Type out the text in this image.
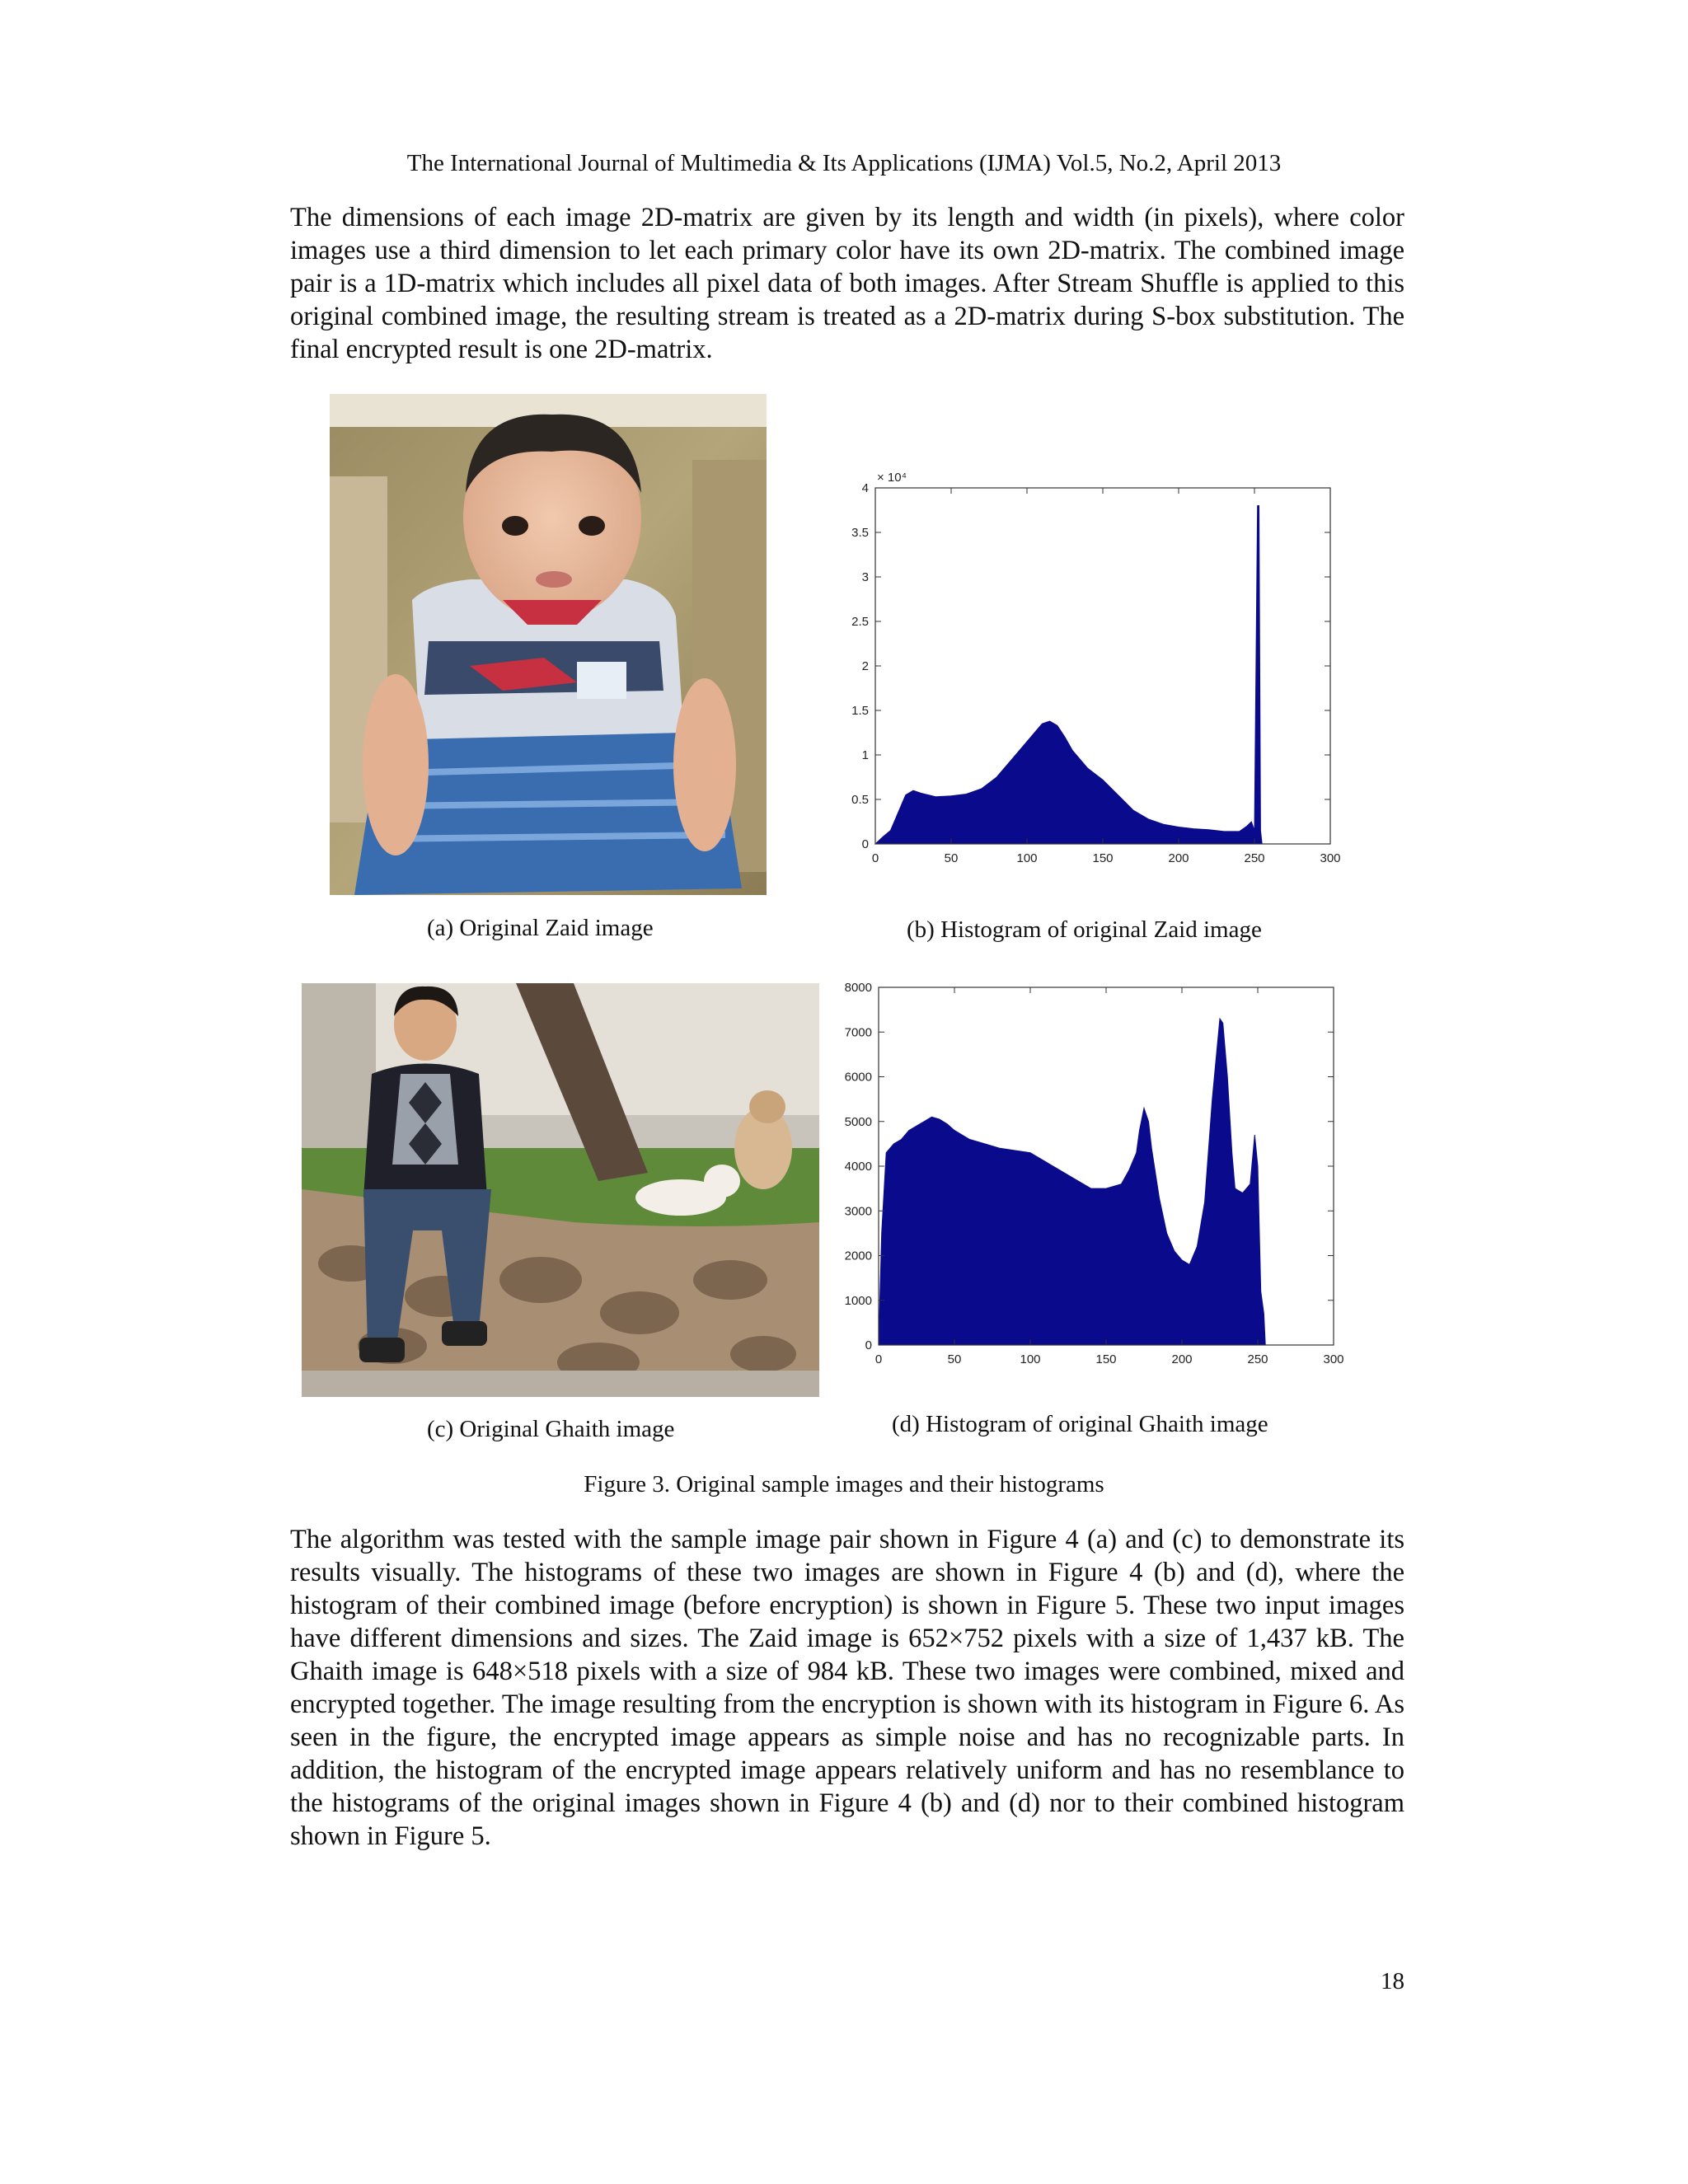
The International Journal of Multimedia & Its Applications (IJMA) Vol.5, No.2, April 2013

The dimensions of each image 2D-matrix are given by its length and width (in pixels), where color images use a third dimension to let each primary color have its own 2D-matrix. The combined image pair is a 1D-matrix which includes all pixel data of both images. After Stream Shuffle is applied to this original combined image, the resulting stream is treated as a 2D-matrix during S-box substitution. The final encrypted result is one 2D-matrix.

0	50	100	150	200	250	300
0
0.5
1
1.5
2
2.5
3
3.5
4
× 10⁴
(a) Original Zaid image	(b) Histogram of original Zaid image
0	50	100	150	200	250	300
0
1000
2000
3000
4000
5000
6000
7000
8000
(c) Original Ghaith image	(d) Histogram of original Ghaith image
Figure 3. Original sample images and their histograms

The algorithm was tested with the sample image pair shown in Figure 4 (a) and (c) to demonstrate its results visually. The histograms of these two images are shown in Figure 4 (b) and (d), where the histogram of their combined image (before encryption) is shown in Figure 5. These two input images have different dimensions and sizes. The Zaid image is 652×752 pixels with a size of 1,437 kB. The Ghaith image is 648×518 pixels with a size of 984 kB. These two images were combined, mixed and encrypted together. The image resulting from the encryption is shown with its histogram in Figure 6. As seen in the figure, the encrypted image appears as simple noise and has no recognizable parts. In addition, the histogram of the encrypted image appears relatively uniform and has no resemblance to the histograms of the original images shown in Figure 4 (b) and (d) nor to their combined histogram shown in Figure 5.

18
